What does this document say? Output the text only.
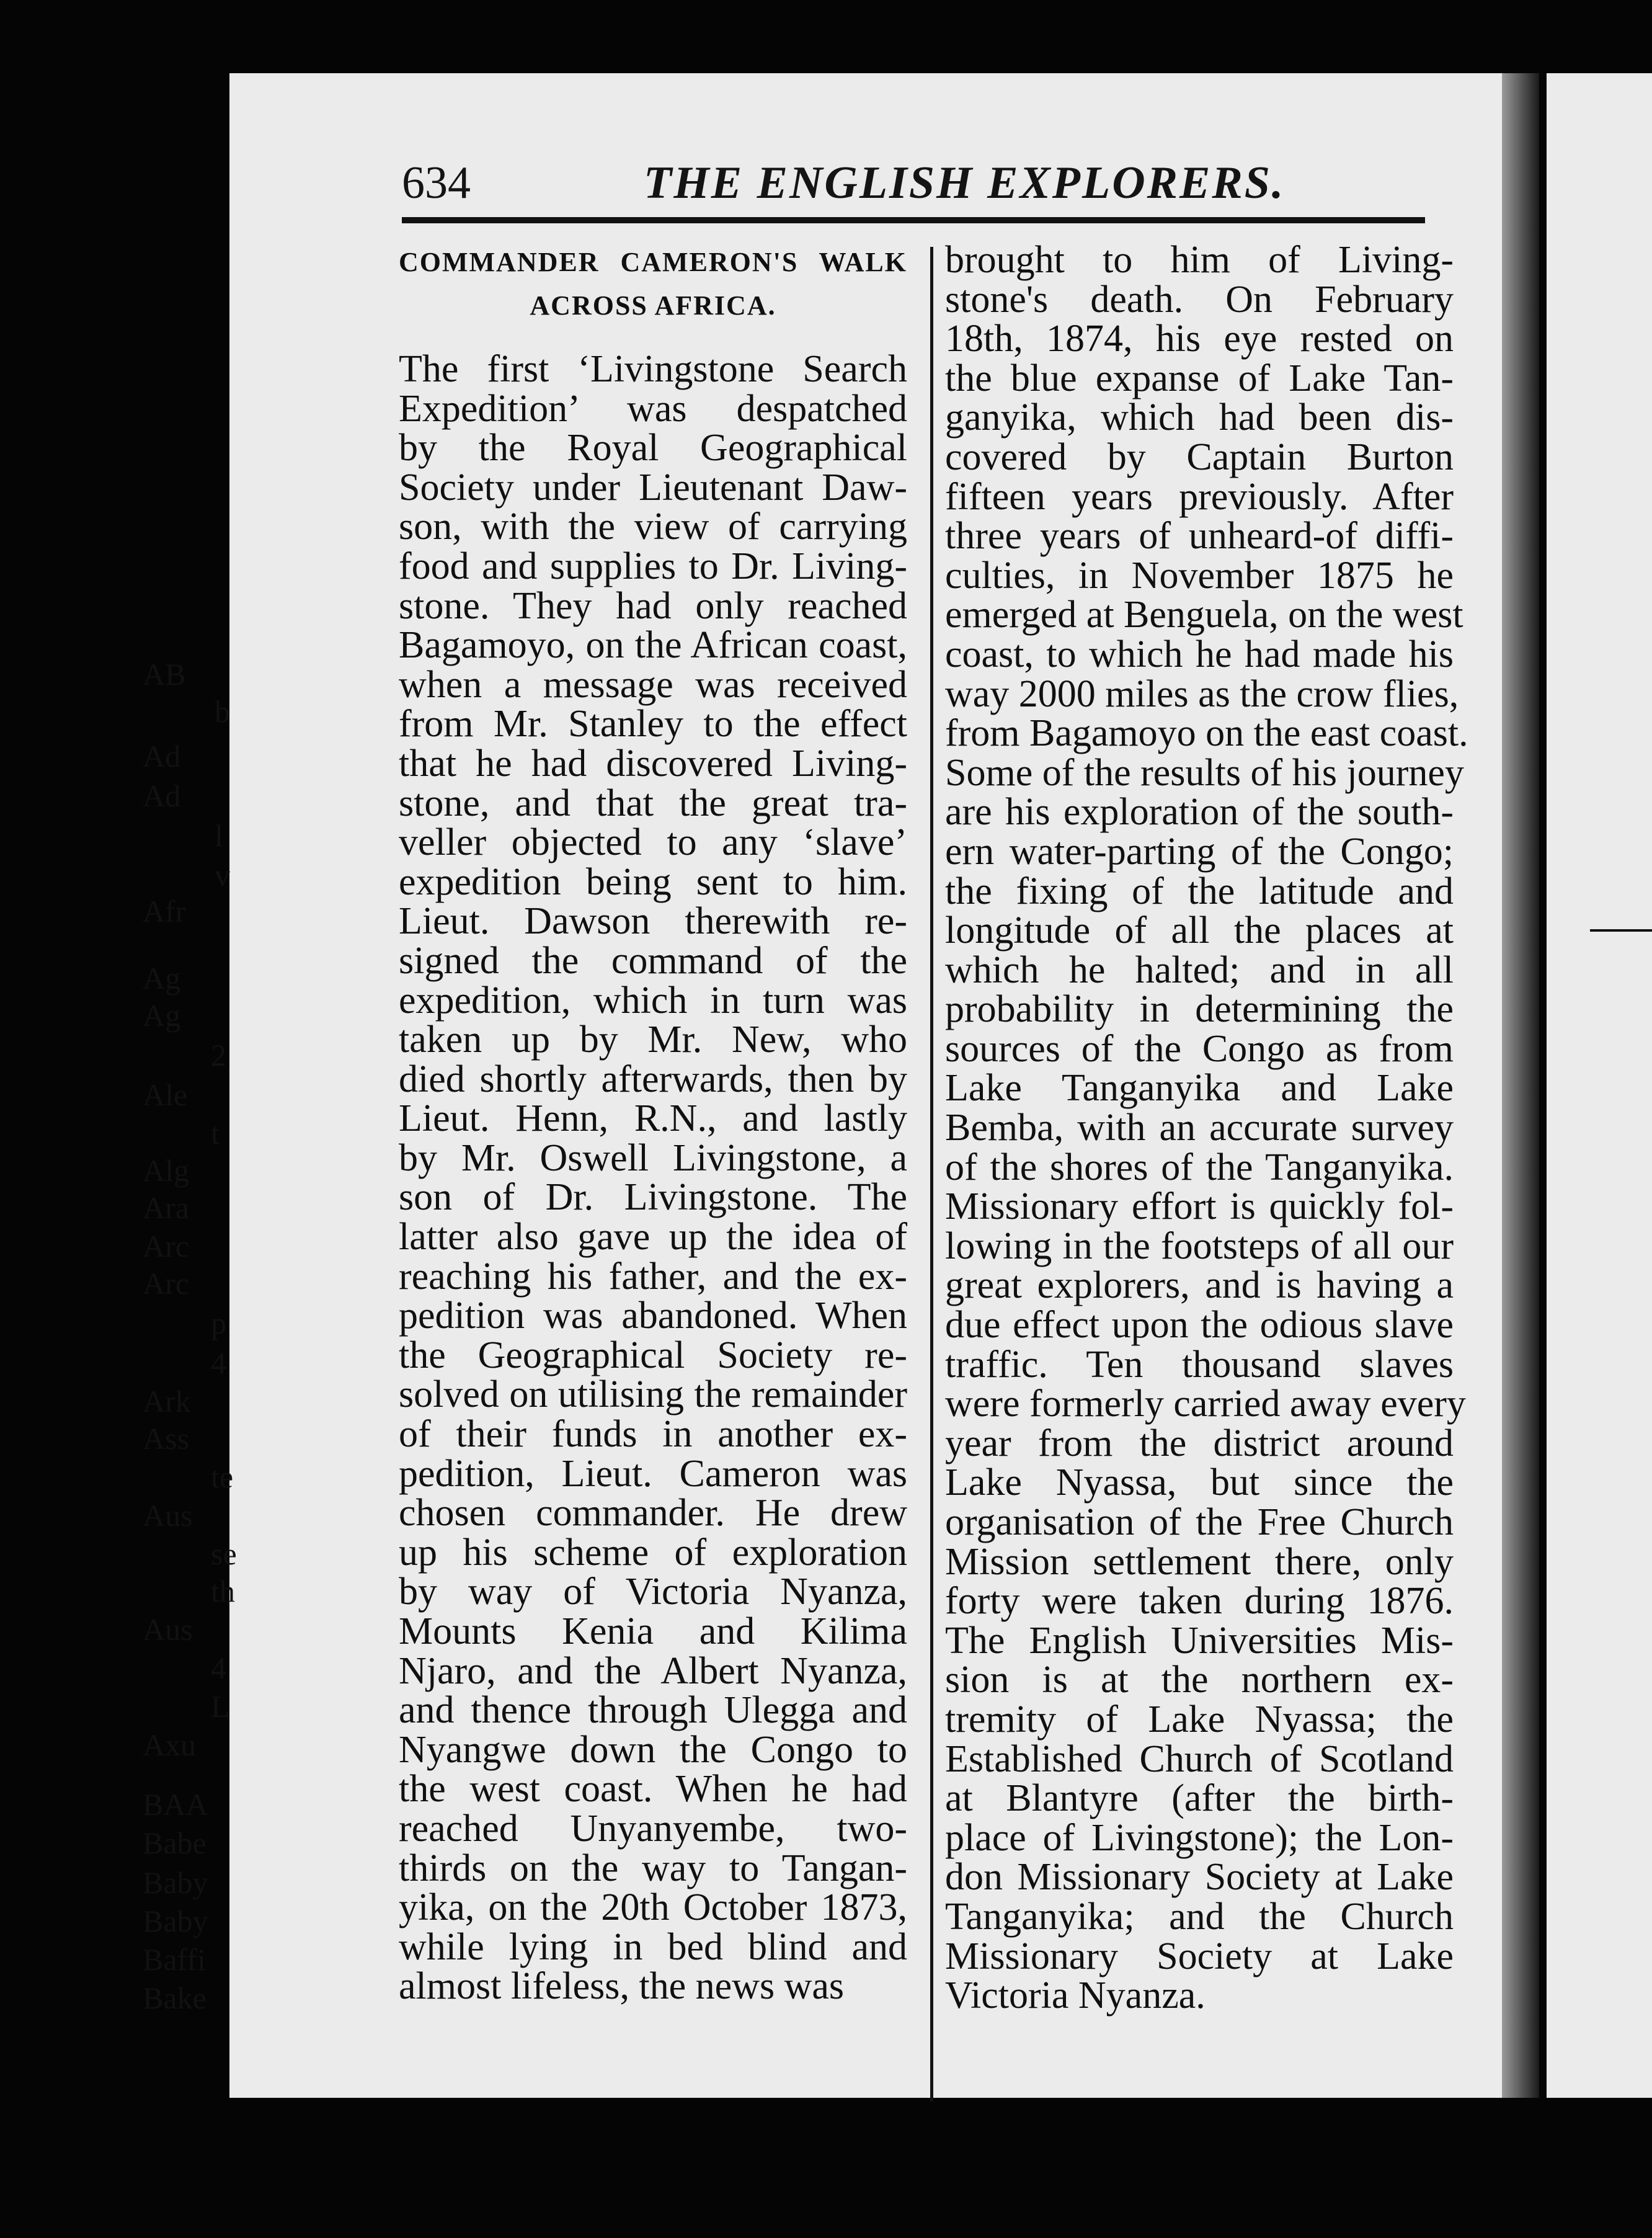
634	THE ENGLISH EXPLORERS.
COMMANDER CAMERON'S WALK
ACROSS AFRICA.
The first ‘Livingstone Search
Expedition’ was despatched
by the Royal Geographical
Society under Lieutenant Daw-
son, with the view of carrying
food and supplies to Dr. Living-
stone. They had only reached
Bagamoyo, on the African coast,
when a message was received
from Mr. Stanley to the effect
that he had discovered Living-
stone, and that the great tra-
veller objected to any ‘slave’
expedition being sent to him.
Lieut. Dawson therewith re-
signed the command of the
expedition, which in turn was
taken up by Mr. New, who
died shortly afterwards, then by
Lieut. Henn, R.N., and lastly
by Mr. Oswell Livingstone, a
son of Dr. Livingstone. The
latter also gave up the idea of
reaching his father, and the ex-
pedition was abandoned. When
the Geographical Society re-
solved on utilising the remainder
of their funds in another ex-
pedition, Lieut. Cameron was
chosen commander. He drew
up his scheme of exploration
by way of Victoria Nyanza,
Mounts Kenia and Kilima
Njaro, and the Albert Nyanza,
and thence through Ulegga and
Nyangwe down the Congo to
the west coast. When he had
reached Unyanyembe, two-
thirds on the way to Tangan-
yika, on the 20th October 1873,
while lying in bed blind and
almost lifeless, the news was
brought to him of Living-
stone's death. On February
18th, 1874, his eye rested on
the blue expanse of Lake Tan-
ganyika, which had been dis-
covered by Captain Burton
fifteen years previously. After
three years of unheard-of diffi-
culties, in November 1875 he
emerged at Benguela, on the west
coast, to which he had made his
way 2000 miles as the crow flies,
from Bagamoyo on the east coast.
Some of the results of his journey
are his exploration of the south-
ern water-parting of the Congo;
the fixing of the latitude and
longitude of all the places at
which he halted; and in all
probability in determining the
sources of the Congo as from
Lake Tanganyika and Lake
Bemba, with an accurate survey
of the shores of the Tanganyika.
Missionary effort is quickly fol-
lowing in the footsteps of all our
great explorers, and is having a
due effect upon the odious slave
traffic. Ten thousand slaves
were formerly carried away every
year from the district around
Lake Nyassa, but since the
organisation of the Free Church
Mission settlement there, only
forty were taken during 1876.
The English Universities Mis-
sion is at the northern ex-
tremity of Lake Nyassa; the
Established Church of Scotland
at Blantyre (after the birth-
place of Livingstone); the Lon-
don Missionary Society at Lake
Tanganyika; and the Church
Missionary Society at Lake
Victoria Nyanza.
AB
b
Ad
Ad
l
v
Afr
Ag
Ag
2
Ale
t
Alg
Ara
Arc
Arc
p
4
Ark
Ass
te
Aus
se
th
Aus
4
L
Axu
BAA
Babe
Baby
Baby
Baffi
Bake
